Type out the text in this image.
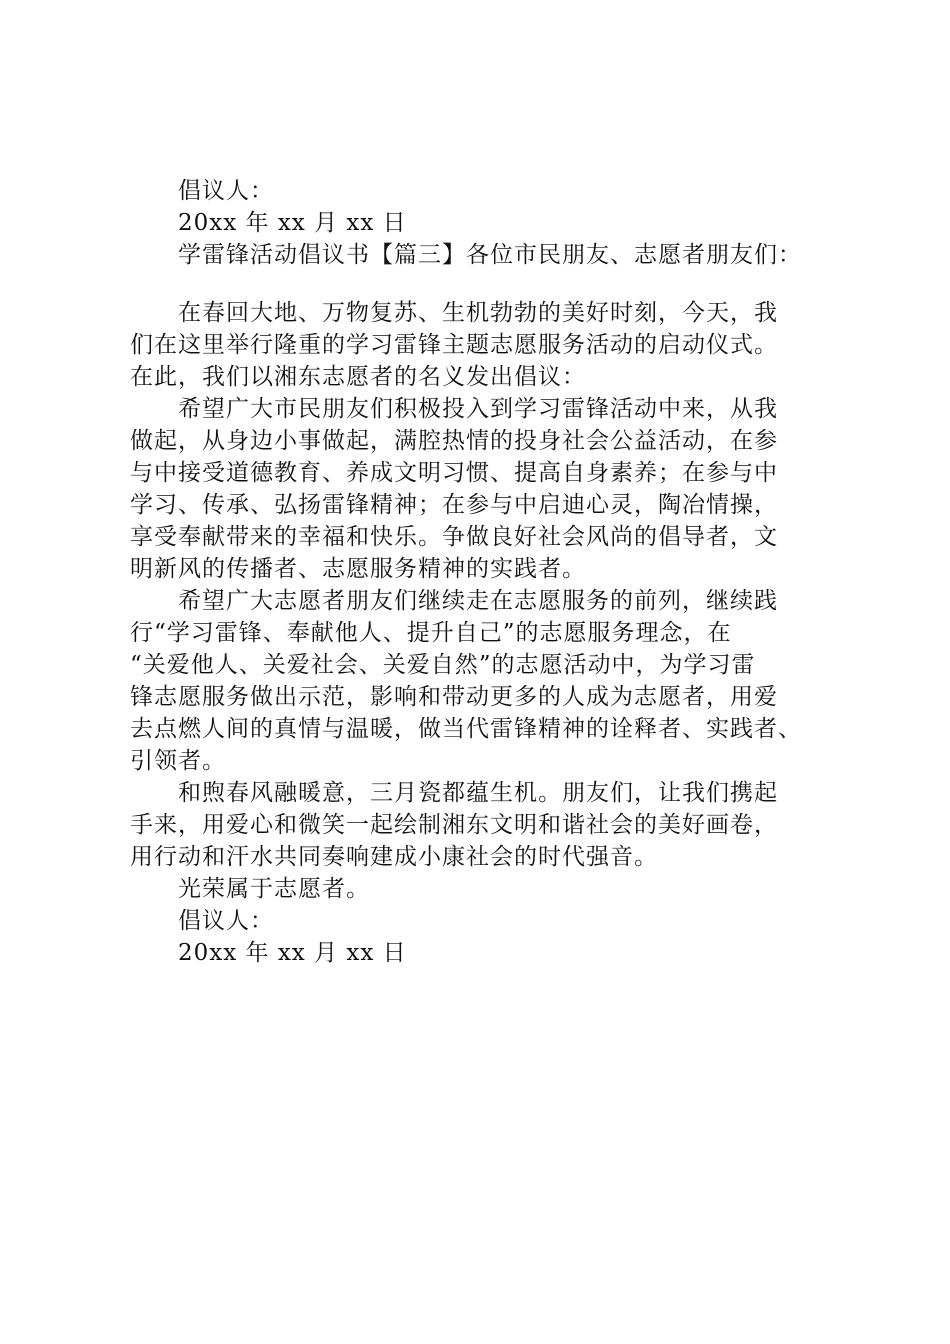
倡议人：
20xx 年 xx 月 xx 日
学雷锋活动倡议书【篇三】各位市民朋友、志愿者朋友们：
在春回大地、万物复苏、生机勃勃的美好时刻，今天，我
们在这里举行隆重的学习雷锋主题志愿服务活动的启动仪式。
在此，我们以湘东志愿者的名义发出倡议：
希望广大市民朋友们积极投入到学习雷锋活动中来，从我
做起，从身边小事做起，满腔热情的投身社会公益活动，在参
与中接受道德教育、养成文明习惯、提高自身素养；在参与中
学习、传承、弘扬雷锋精神；在参与中启迪心灵，陶冶情操，
享受奉献带来的幸福和快乐。争做良好社会风尚的倡导者，文
明新风的传播者、志愿服务精神的实践者。
希望广大志愿者朋友们继续走在志愿服务的前列，继续践
行“学习雷锋、奉献他人、提升自己”的志愿服务理念，在
“关爱他人、关爱社会、关爱自然”的志愿活动中，为学习雷
锋志愿服务做出示范，影响和带动更多的人成为志愿者，用爱
去点燃人间的真情与温暖，做当代雷锋精神的诠释者、实践者、
引领者。
和煦春风融暖意，三月瓷都蕴生机。朋友们，让我们携起
手来，用爱心和微笑一起绘制湘东文明和谐社会的美好画卷，
用行动和汗水共同奏响建成小康社会的时代强音。
光荣属于志愿者。
倡议人：
20xx 年 xx 月 xx 日
